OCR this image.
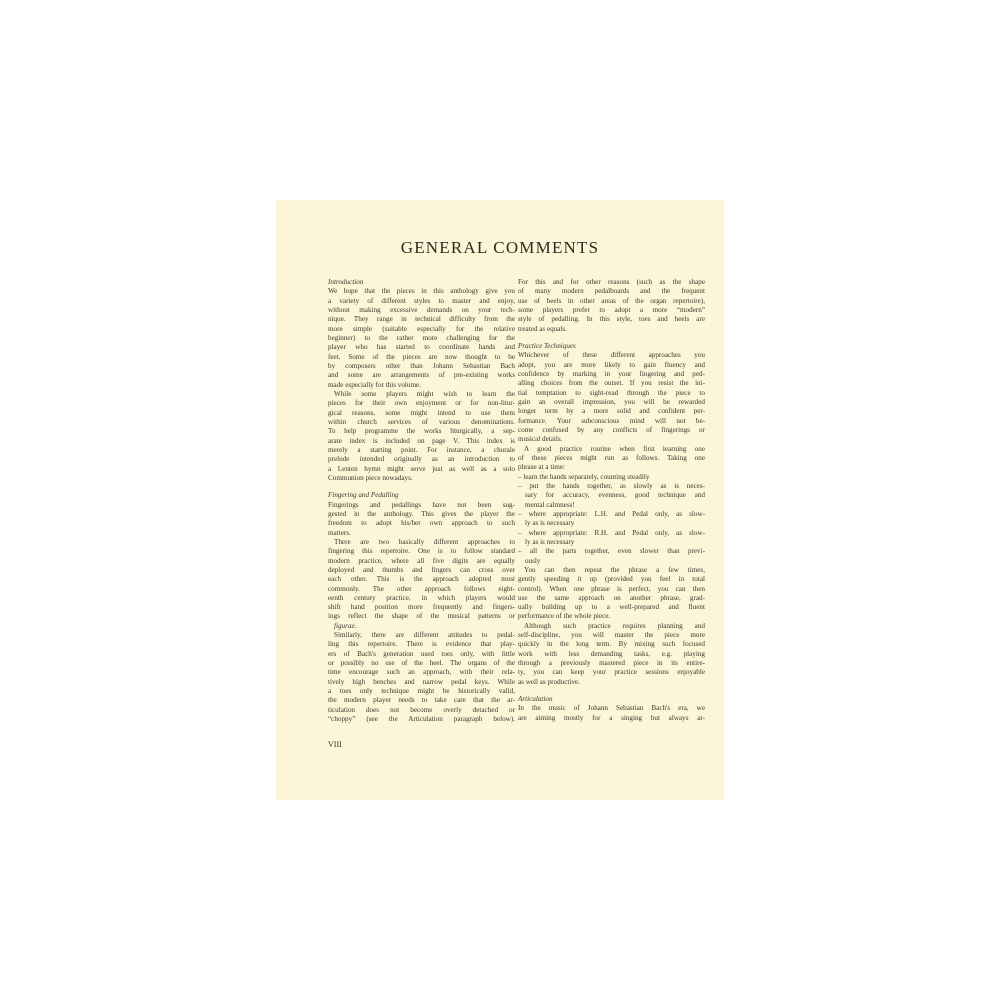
GENERAL COMMENTS
Introduction
We hope that the pieces in this anthology give you
a variety of different styles to master and enjoy,
without making excessive demands on your tech-
nique. They range in technical difficulty from the
more simple (suitable especially for the relative
beginner) to the rather more challenging for the
player who has started to coordinate hands and
feet. Some of the pieces are now thought to be
by composers other than Johann Sebastian Bach
and some are arrangements of pre-existing works
made especially for this volume.
While some players might wish to learn the
pieces for their own enjoyment or for non-litur-
gical reasons, some might intend to use them
within church services of various denominations.
To help programme the works liturgically, a sep-
arate index is included on page V. This index is
merely a starting point. For instance, a chorale
prelude intended originally as an introduction to
a Lenten hymn might serve just as well as a solo
Communion piece nowadays.
Fingering and Pedalling
Fingerings and pedallings have not been sug-
gested in the anthology. This gives the player the
freedom to adopt his/her own approach to such
matters.
There are two basically different approaches to
fingering this repertoire. One is to follow standard
modern practice, where all five digits are equally
deployed and thumbs and fingers can cross over
each other. This is the approach adopted most
commonly. The other approach follows eight-
eenth century practice, in which players would
shift hand position more frequently and fingers-
ings reflect the shape of the musical patterns or
figurae.
Similarly, there are different attitudes to pedal-
ling this repertoire. There is evidence that play-
ers of Bach's generation used toes only, with little
or possibly no use of the heel. The organs of the
time encourage such an approach, with their rela-
tively high benches and narrow pedal keys. While
a toes only technique might be historically valid,
the modern player needs to take care that the ar-
ticulation does not become overly detached or
“choppy” (see the Articulation paragraph below).
For this and for other reasons (such as the shape
of many modern pedalboards and the frequent
use of heels in other areas of the organ repertoire),
some players prefer to adopt a more “modern”
style of pedalling. In this style, toes and heels are
treated as equals.
Practice Techniques
Whichever of these different approaches you
adopt, you are more likely to gain fluency and
confidence by marking in your fingering and ped-
alling choices from the outset. If you resist the ini-
tial temptation to sight-read through the piece to
gain an overall impression, you will be rewarded
longer term by a more solid and confident per-
formance. Your subconscious mind will not be-
come confused by any conflicts of fingerings or
musical details.
A good practice routine when first learning one
of these pieces might run as follows. Taking one
phrase at a time:
– learn the hands separately, counting steadily
– put the hands together, as slowly as is neces-
sary for accuracy, evenness, good technique and
mental calmness!
– where appropriate: L.H. and Pedal only, as slow-
ly as is necessary
– where appropriate: R.H. and Pedal only, as slow-
ly as is necessary
– all the parts together, even slower than previ-
ously
You can then repeat the phrase a few times,
gently speeding it up (provided you feel in total
control). When one phrase is perfect, you can then
use the same approach on another phrase, grad-
ually building up to a well-prepared and fluent
performance of the whole piece.
Although such practice requires planning and
self-discipline, you will master the piece more
quickly in the long term. By mixing such focused
work with less demanding tasks, e.g. playing
through a previously mastered piece in its entire-
ty, you can keep your practice sessions enjoyable
as well as productive.
Articulation
In the music of Johann Sebastian Bach's era, we
are aiming mostly for a singing but always ar-
VIII
